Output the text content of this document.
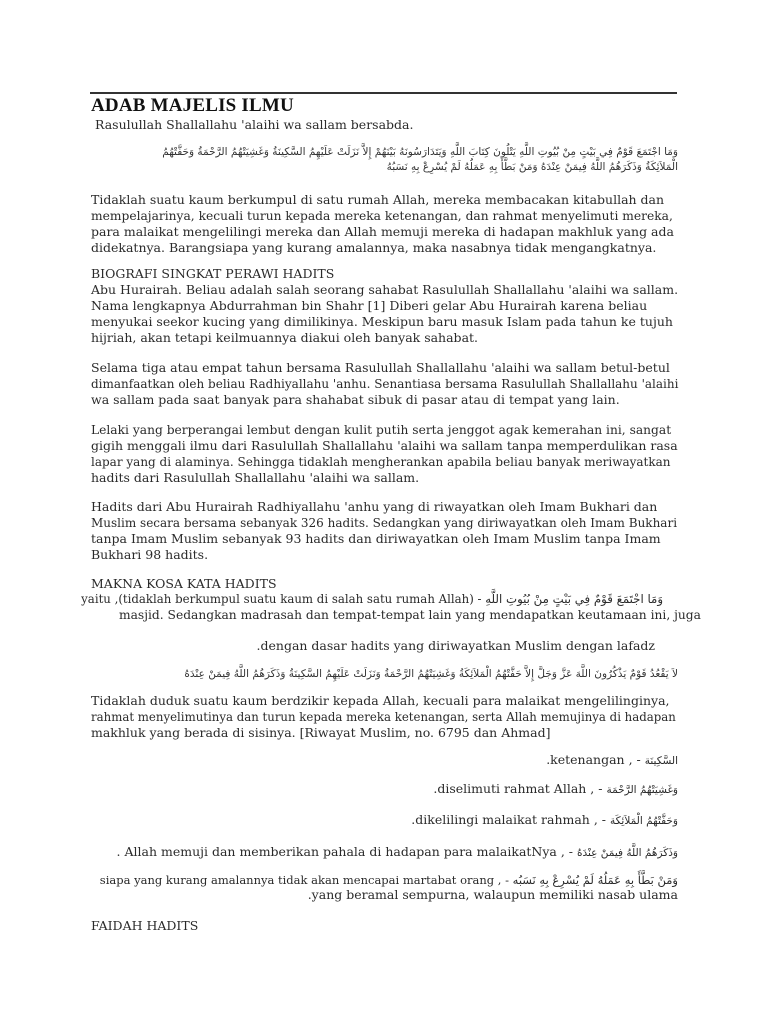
ADAB MAJELIS ILMU
Rasulullah Shallallahu 'alaihi wa sallam bersabda.
وَمَا اجْتَمَعَ قَوْمٌ فِي بَيْتٍ مِنْ بُيُوتِ اللَّهِ يَتْلُونَ كِتَابَ اللَّهِ وَيَتَدَارَسُونَهُ بَيْنَهُمْ إِلاَّ نَزَلَتْ عَلَيْهِمُ السَّكِينَةُ وَغَشِيَتْهُمُ الرَّحْمَةُ وَحَفَّتْهُمُ
الْمَلاَئِكَةُ وَذَكَرَهُمُ اللَّهُ فِيمَنْ عِنْدَهُ وَمَنْ بَطَّأَ بِهِ عَمَلُهُ لَمْ يُسْرِعْ بِهِ نَسَبُهُ
Tidaklah suatu kaum berkumpul di satu rumah Allah, mereka membacakan kitabullah dan
mempelajarinya, kecuali turun kepada mereka ketenangan, dan rahmat menyelimuti mereka,
para malaikat mengelilingi mereka dan Allah memuji mereka di hadapan makhluk yang ada
didekatnya. Barangsiapa yang kurang amalannya, maka nasabnya tidak mengangkatnya.
BIOGRAFI SINGKAT PERAWI HADITS
Abu Hurairah. Beliau adalah salah seorang sahabat Rasulullah Shallallahu 'alaihi wa sallam.
Nama lengkapnya Abdurrahman bin Shahr [1] Diberi gelar Abu Hurairah karena beliau
menyukai seekor kucing yang dimilikinya. Meskipun baru masuk Islam pada tahun ke tujuh
hijriah, akan tetapi keilmuannya diakui oleh banyak sahabat.
Selama tiga atau empat tahun bersama Rasulullah Shallallahu 'alaihi wa sallam betul-betul
dimanfaatkan oleh beliau Radhiyallahu 'anhu. Senantiasa bersama Rasulullah Shallallahu 'alaihi
wa sallam pada saat banyak para shahabat sibuk di pasar atau di tempat yang lain.
Lelaki yang berperangai lembut dengan kulit putih serta jenggot agak kemerahan ini, sangat
gigih menggali ilmu dari Rasulullah Shallallahu 'alaihi wa sallam tanpa memperdulikan rasa
lapar yang di alaminya. Sehingga tidaklah mengherankan apabila beliau banyak meriwayatkan
hadits dari Rasulullah Shallallahu 'alaihi wa sallam.
Hadits dari Abu Hurairah Radhiyallahu 'anhu yang di riwayatkan oleh Imam Bukhari dan
Muslim secara bersama sebanyak 326 hadits. Sedangkan yang diriwayatkan oleh Imam Bukhari
tanpa Imam Muslim sebanyak 93 hadits dan diriwayatkan oleh Imam Muslim tanpa Imam
Bukhari 98 hadits.
MAKNA KOSA KATA HADITS
yaitu ,(tidaklah berkumpul suatu kaum di salah satu rumah Allah) - وَمَا اجْتَمَعَ قَوْمٌ فِي بَيْتٍ مِنْ بُيُوتِ اللَّهِ
masjid. Sedangkan madrasah dan tempat-tempat lain yang mendapatkan keutamaan ini, juga
.dengan dasar hadits yang diriwayatkan Muslim dengan lafadz
لاَ يَقْعُدُ قَوْمٌ يَذْكُرُونَ اللَّهَ عَزَّ وَجَلَّ إِلاَّ حَفَّتْهُمُ الْمَلاَئِكَةُ وَغَشِيَتْهُمُ الرَّحْمَةُ وَنَزَلَتْ عَلَيْهِمُ السَّكِينَةُ وَذَكَرَهُمُ اللَّهُ فِيمَنْ عِنْدَهُ
Tidaklah duduk suatu kaum berdzikir kepada Allah, kecuali para malaikat mengelilinginya,
rahmat menyelimutinya dan turun kepada mereka ketenangan, serta Allah memujinya di hadapan
makhluk yang berada di sisinya. [Riwayat Muslim, no. 6795 dan Ahmad]
.ketenangan , - السَّكِينَة
.diselimuti rahmat Allah , - وَغَشِيَتْهُمُ الرَّحْمَة
.dikelilingi malaikat rahmah , - وَحَفَّتْهُمُ الْمَلاَئِكَة
. Allah memuji dan memberikan pahala di hadapan para malaikatNya , - وَذَكَرَهُمُ اللَّهُ فِيمَنْ عِنْدَهُ
siapa yang kurang amalannya tidak akan mencapai martabat orang , - وَمَنْ بَطَّأَ بِهِ عَمَلُهُ لَمْ يُسْرِعْ بِهِ نَسَبُه
.yang beramal sempurna, walaupun memiliki nasab ulama
FAIDAH HADITS
